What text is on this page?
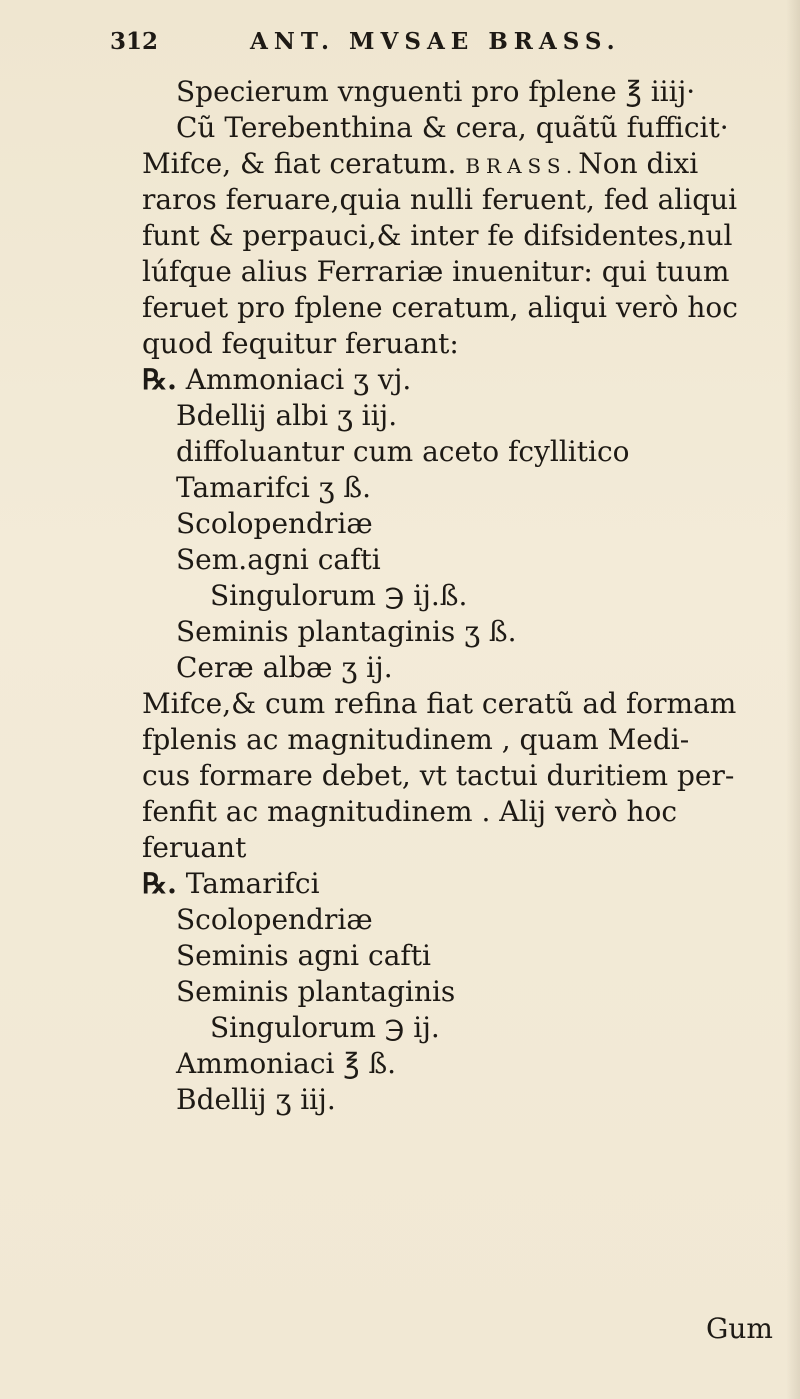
312	ANT. MVSAE BRASS.
Specierum vnguenti pro fplene ℥ iiij·
Cũ Terebenthina & cera, quãtũ fufficit·
Mifce, & fiat ceratum. BRASS.Non dixi
raros feruare,quia nulli feruent, fed aliqui
funt & perpauci,& inter fe difsidentes,nul
lúfque alius Ferrariæ inuenitur: qui tuum
feruet pro fplene ceratum, aliqui verò hoc
quod fequitur feruant:
℞. Ammoniaci ʒ vj.
Bdellij albi ʒ iij.
diffoluantur cum aceto fcyllitico
Tamarifci ʒ ß.
Scolopendriæ
Sem.agni cafti
Singulorum ℈ ij.ß.
Seminis plantaginis ʒ ß.
Ceræ albæ ʒ ij.
Mifce,& cum refina fiat ceratũ ad formam
fplenis ac magnitudinem , quam Medi-
cus formare debet, vt tactui duritiem per-
fenfit ac magnitudinem . Alij verò hoc
feruant
℞. Tamarifci
Scolopendriæ
Seminis agni cafti
Seminis plantaginis
Singulorum ℈ ij.
Ammoniaci ℥ ß.
Bdellij ʒ iij.
Gum
